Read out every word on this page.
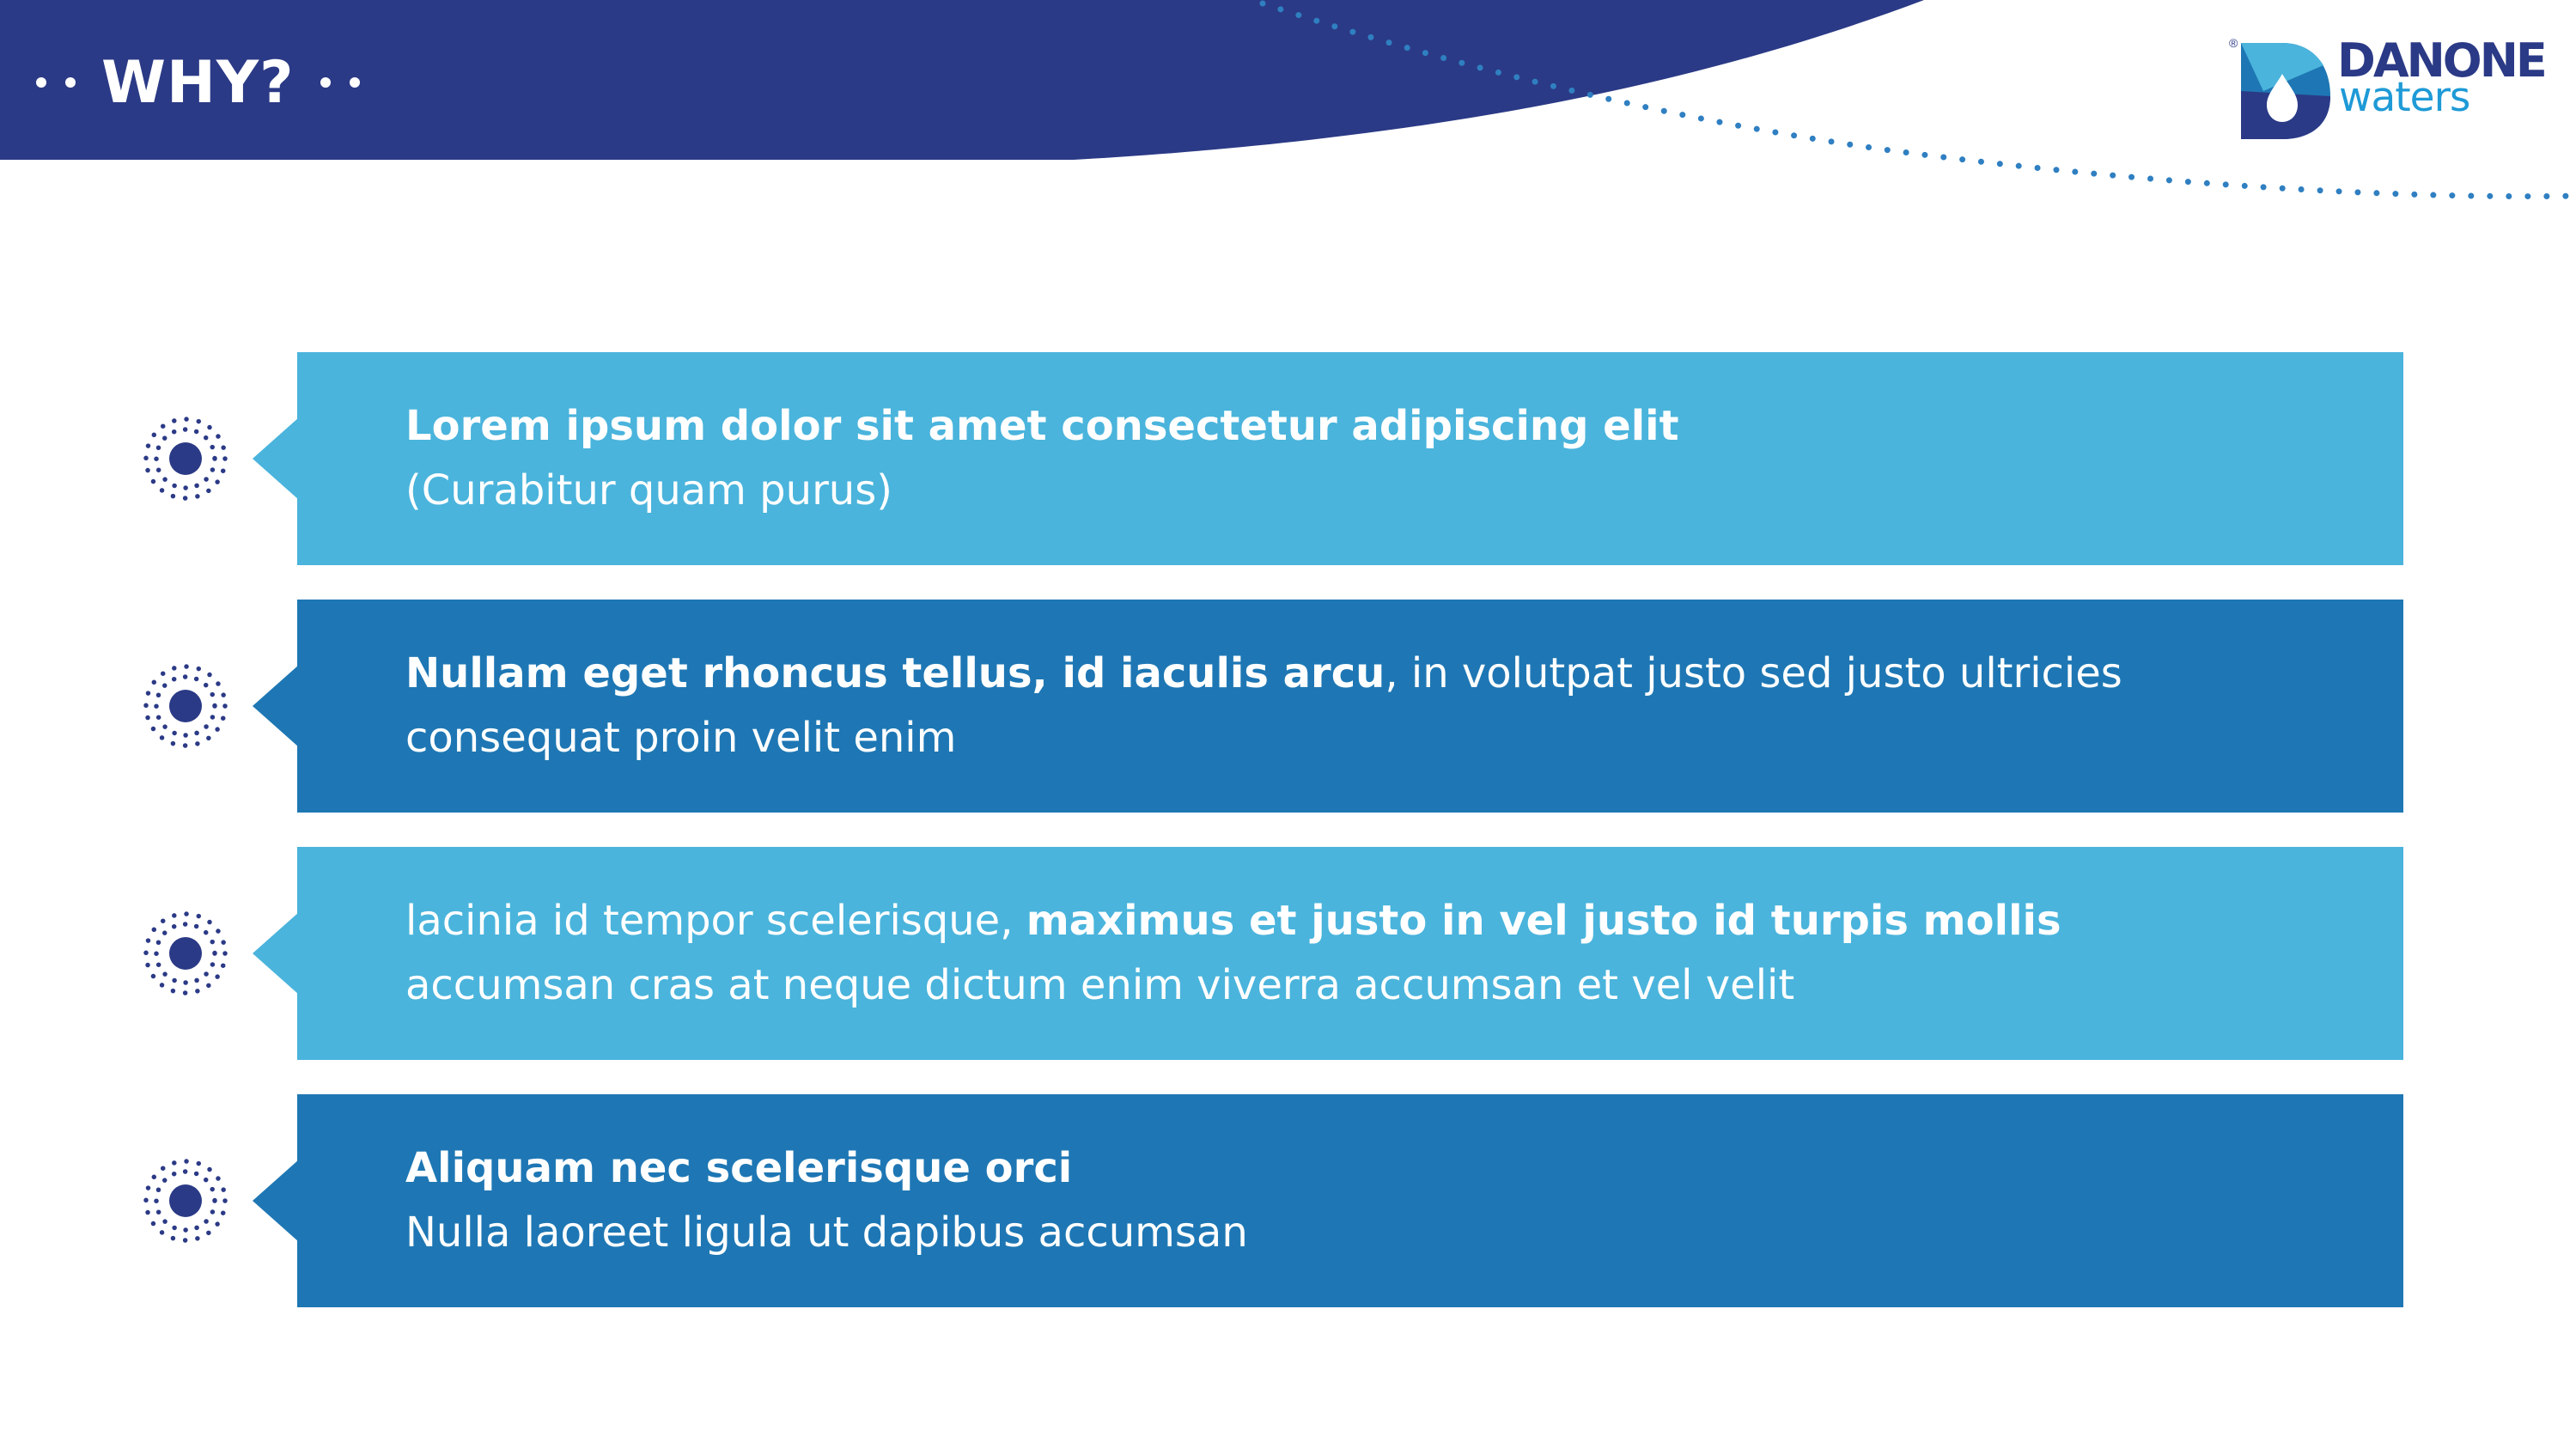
WHY?
® DANONE
waters
Lorem ipsum dolor sit amet consectetur adipiscing elit
(Curabitur quam purus)
Nullam eget rhoncus tellus, id iaculis arcu, in volutpat justo sed justo ultricies
consequat proin velit enim
lacinia id tempor scelerisque, maximus et justo in vel justo id turpis mollis
accumsan cras at neque dictum enim viverra accumsan et vel velit
Aliquam nec scelerisque orci
Nulla laoreet ligula ut dapibus accumsan
